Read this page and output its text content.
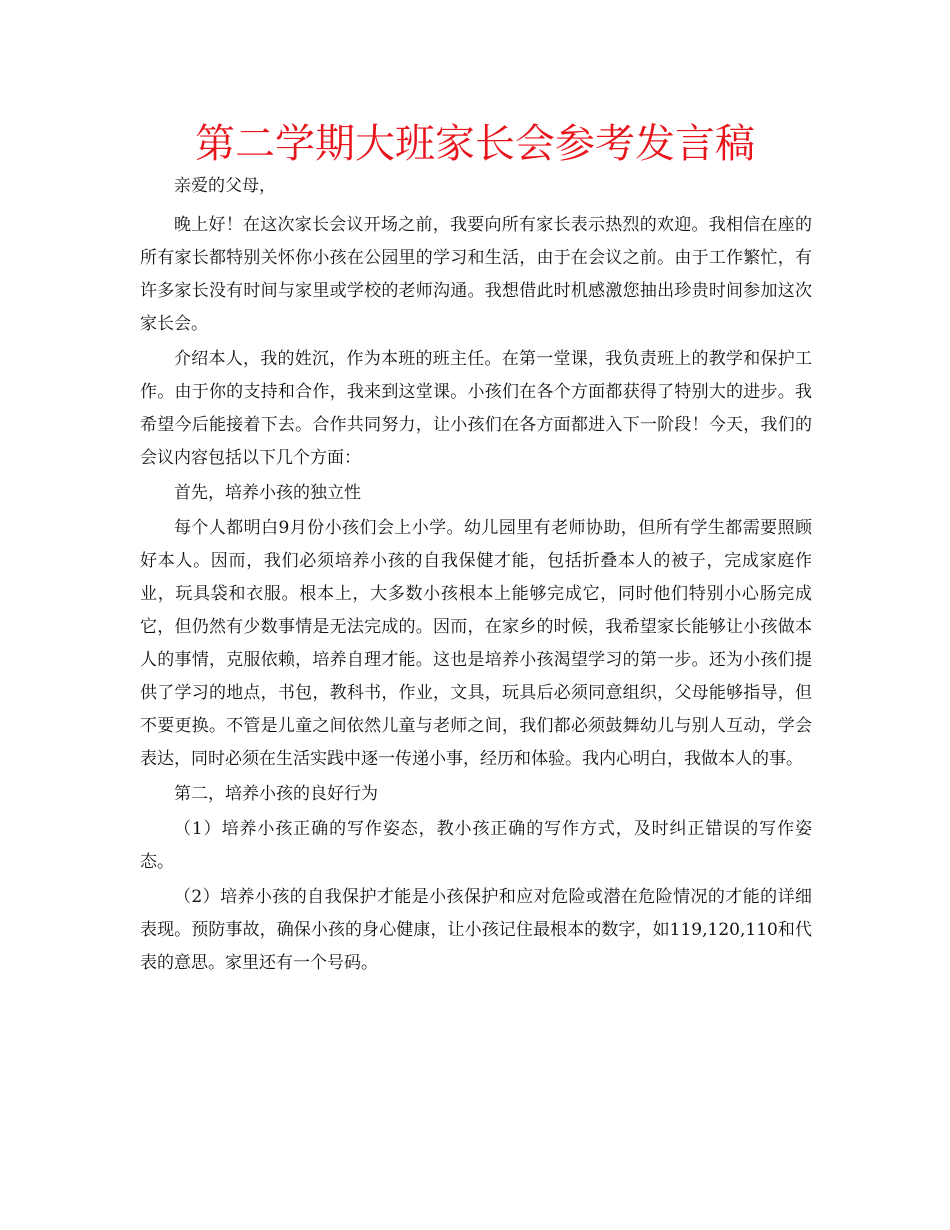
第二学期大班家长会参考发言稿

亲爱的父母，

晚上好！在这次家长会议开场之前，我要向所有家长表示热烈的欢迎。我相信在座的所有家长都特别关怀你小孩在公园里的学习和生活，由于在会议之前。由于工作繁忙，有许多家长没有时间与家里或学校的老师沟通。我想借此时机感激您抽出珍贵时间参加这次家长会。

介绍本人，我的姓沉，作为本班的班主任。在第一堂课，我负责班上的教学和保护工作。由于你的支持和合作，我来到这堂课。小孩们在各个方面都获得了特别大的进步。我希望今后能接着下去。合作共同努力，让小孩们在各方面都进入下一阶段！今天，我们的会议内容包括以下几个方面：

首先，培养小孩的独立性

每个人都明白9月份小孩们会上小学。幼儿园里有老师协助，但所有学生都需要照顾好本人。因而，我们必须培养小孩的自我保健才能，包括折叠本人的被子，完成家庭作业，玩具袋和衣服。根本上，大多数小孩根本上能够完成它，同时他们特别小心肠完成它，但仍然有少数事情是无法完成的。因而，在家乡的时候，我希望家长能够让小孩做本人的事情，克服依赖，培养自理才能。这也是培养小孩渴望学习的第一步。还为小孩们提供了学习的地点，书包，教科书，作业，文具，玩具后必须同意组织，父母能够指导，但不要更换。不管是儿童之间依然儿童与老师之间，我们都必须鼓舞幼儿与别人互动，学会表达，同时必须在生活实践中逐一传递小事，经历和体验。我内心明白，我做本人的事。

第二，培养小孩的良好行为

（1）培养小孩正确的写作姿态，教小孩正确的写作方式，及时纠正错误的写作姿态。

（2）培养小孩的自我保护才能是小孩保护和应对危险或潜在危险情况的才能的详细表现。预防事故，确保小孩的身心健康，让小孩记住最根本的数字，如119,120,110和代表的意思。家里还有一个号码。
